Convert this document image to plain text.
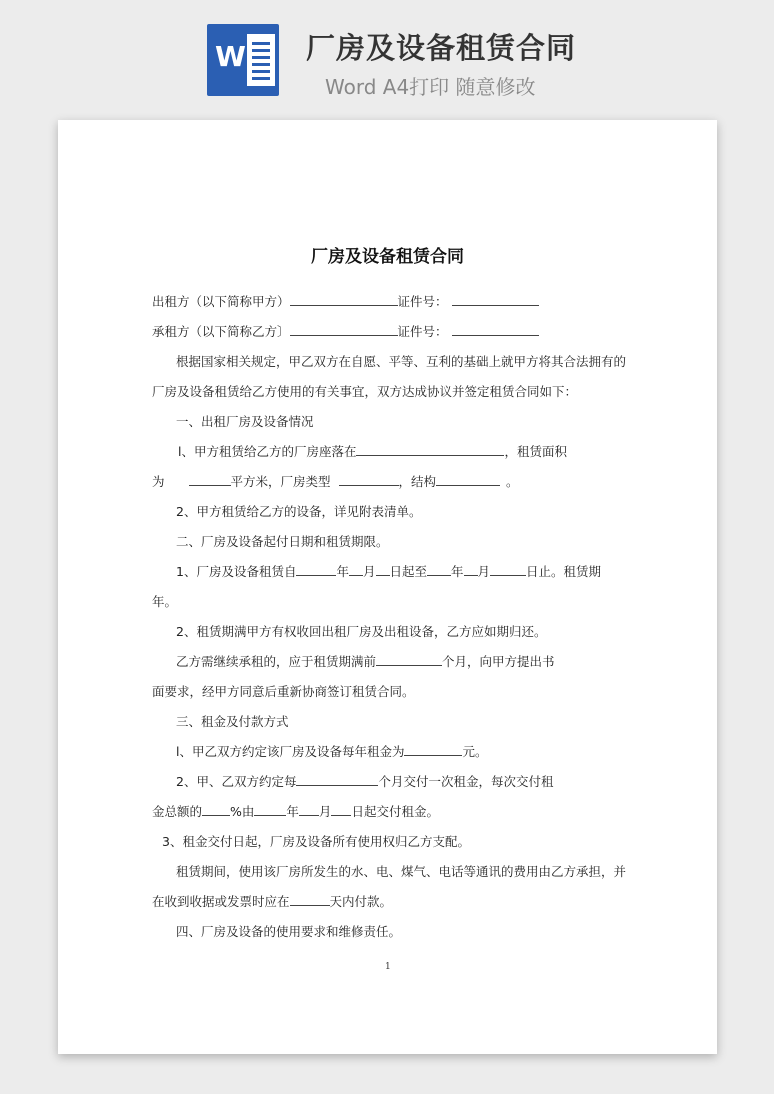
W 厂房及设备租赁合同
Word A4打印 随意修改

厂房及设备租赁合同
出租方（以下简称甲方）	证件号：
承租方（以下简称乙方〕	证件号：
根据国家相关规定，甲乙双方在自愿、平等、互利的基础上就甲方将其合法拥有的
厂房及设备租赁给乙方使用的有关事宜，双方达成协议并签定租赁合同如下：
一、出租厂房及设备情况
l、甲方租赁给乙方的厂房座落在	，租赁面积
为	平方米，厂房类型	，结构	。
2、甲方租赁给乙方的设备，详见附表清单。
二、厂房及设备起付日期和租赁期限。
1、厂房及设备租赁自	年 月 日起至 年 月	日止。租赁期
年。
2、租赁期满甲方有权收回出租厂房及出租设备，乙方应如期归还。
乙方需继续承租的，应于租赁期满前	个月，向甲方提出书
面要求，经甲方同意后重新协商签订租赁合同。
三、租金及付款方式
l、甲乙双方约定该厂房及设备每年租金为	元。
2、甲、乙双方约定每	个月交付一次租金，每次交付租
金总额的 %由	年 月 日起交付租金。
3、租金交付日起，厂房及设备所有使用权归乙方支配。
租赁期间，使用该厂房所发生的水、电、煤气、电话等通讯的费用由乙方承担，并
在收到收据或发票时应在	天内付款。
四、厂房及设备的使用要求和维修责任。
1
